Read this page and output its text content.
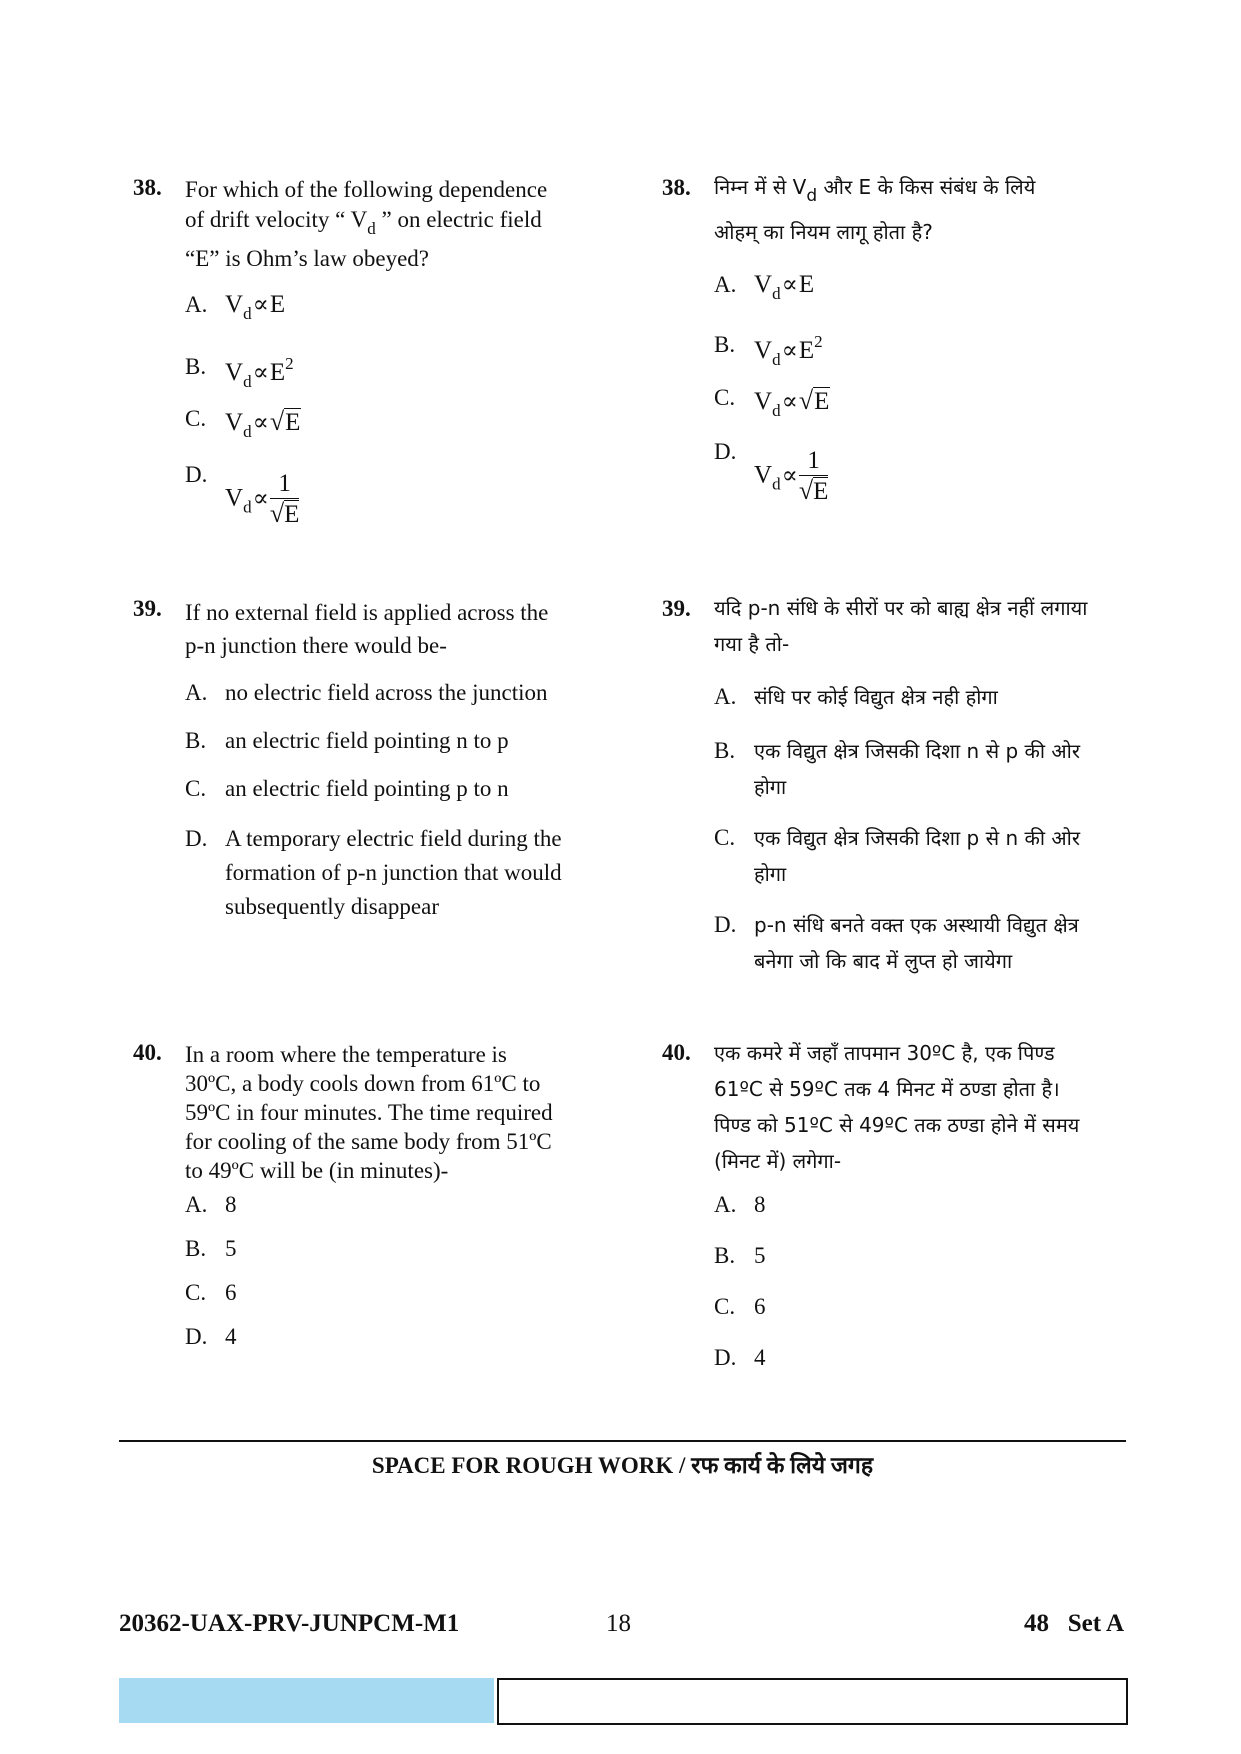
38. For which of the following dependence
of drift velocity “ $V_d$ ” on electric field
“E” is Ohm’s law obeyed?
A. $V_d\propto E$
B. $V_d\propto E^2$
C. $V_d\propto√E$
$D.V_d\propto \frac{1}{√E}$
38. निम्न में से $V_d$ और E के किस संबंध के लिये
ओहम् का नियम लागू होता है?
A. $V_d\propto E$
B. $V_d\propto E^2$
C. $V_d\propto√E$
$D.V_d\propto \frac{1}{√E}$
39. If no external field is applied across the
p-n junction there would be-
A. no electric field across the junction
B. an electric field pointing n to p
C. an electric field pointing p to n
D. A temporary electric field during the
formation of p-n junction that would
subsequently disappear
39. यदि p-n संधि के सीरों पर को बाह्य क्षेत्र नहीं लगाया
गया है तो-
A. संधि पर कोई विद्युत क्षेत्र नही होगा
B. एक विद्युत क्षेत्र जिसकी दिशा n से p की ओर
होगा
C. एक विद्युत क्षेत्र जिसकी दिशा p से n की ओर
होगा
D. p-n संधि बनते वक्त एक अस्थायी विद्युत क्षेत्र
बनेगा जो कि बाद में लुप्त हो जायेगा
40. In a room where the temperature is
30ºC, a body cools down from 61ºC to
59ºC in four minutes. The time required
for cooling of the same body from 51ºC
to 49ºC will be (in minutes)-
A. 8
B. 5
C. 6
D. 4
40. एक कमरे में जहाँ तापमान 30ºC है, एक पिण्ड
61ºC से 59ºC तक 4 मिनट में ठण्डा होता है।
पिण्ड को 51ºC से 49ºC तक ठण्डा होने में समय
(मिनट में) लगेगा-
A. 8
B. 5
C. 6
D. 4
SPACE FOR ROUGH WORK / रफ कार्य के लिये जगह
20362-UAX-PRV-JUNPCM-M1	18	48   Set A
